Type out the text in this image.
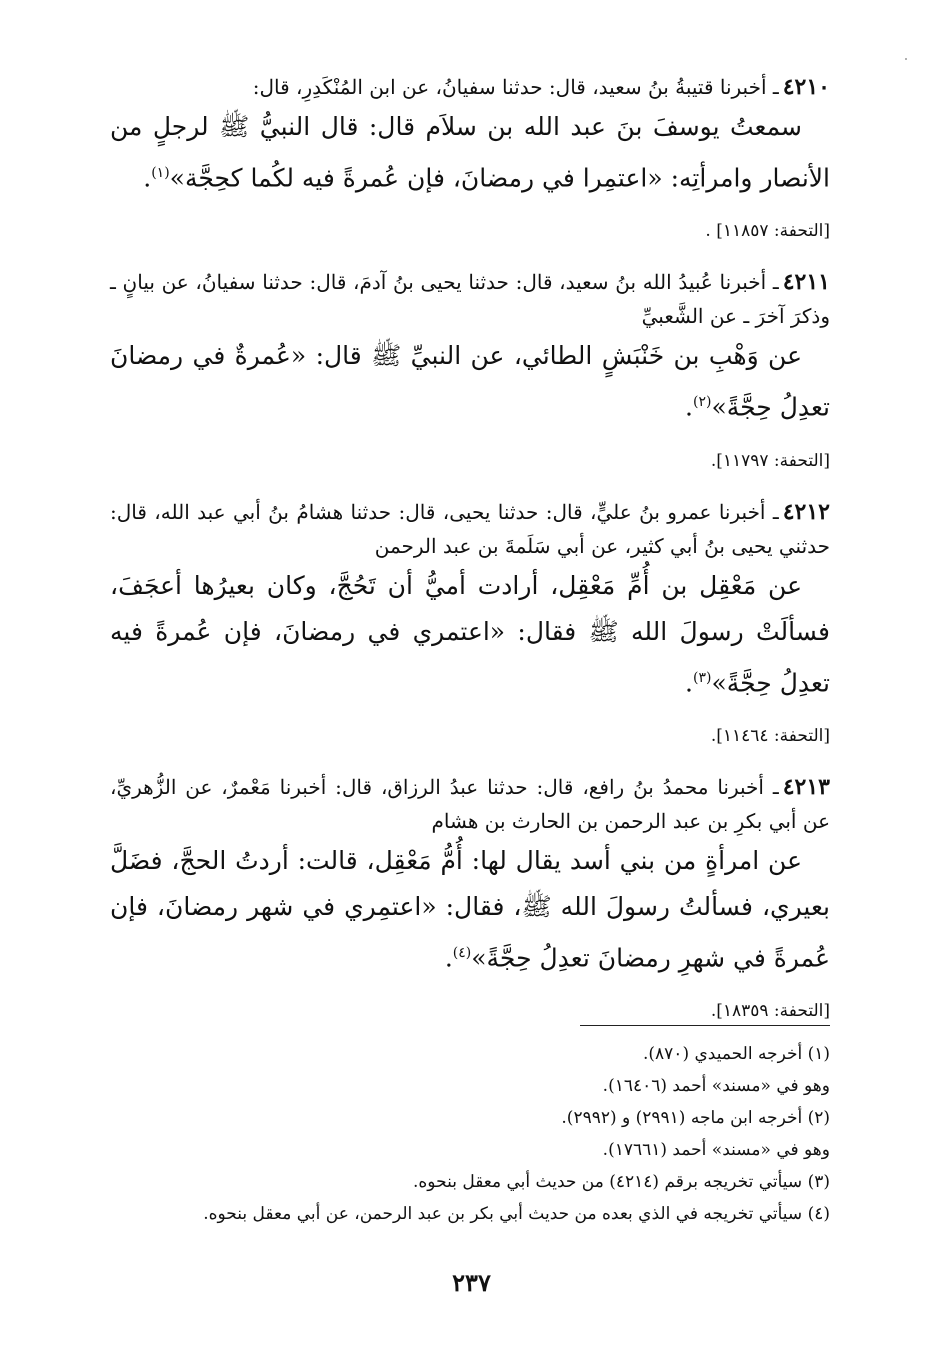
٤٢١٠ـ أخبرنا قتيبةُ بنُ سعيد، قال: حدثنا سفيانُ، عن ابن المُنْكَدِرِ، قال:

سمعتُ يوسفَ بنَ عبد الله بن سلاَم قال: قال النبيُّ ﷺ لرجلٍ من الأنصار وامرأتِه: «اعتمِرا في رمضانَ، فإن عُمرةً فيه لكُما كحِجَّة»$^{(١)}$.

[التحفة: ١١٨٥٧] .

٤٢١١ـ أخبرنا عُبيدُ الله بنُ سعيد، قال: حدثنا يحيى بنُ آدمَ، قال: حدثنا سفيانُ، عن بيانٍ ـ وذكرَ آخرَ ـ عن الشَّعبيِّ

عن وَهْبِ بن خَنْبَشٍ الطائي، عن النبيِّ ﷺ قال: «عُمرةٌ في رمضانَ تعدِلُ حِجَّةً»$^{(٢)}$.

[التحفة: ١١٧٩٧].

٤٢١٢ـ أخبرنا عمرو بنُ عليٍّ، قال: حدثنا يحيى، قال: حدثنا هشامُ بنُ أبي عبد الله، قال: حدثني يحيى بنُ أبي كثير، عن أبي سَلَمةَ بن عبد الرحمن

عن مَعْقِل بن أُمِّ مَعْقِل، أرادت أميُّ أن تَحُجَّ، وكان بعيرُها أعجَفَ، فسألَتْ رسولَ الله ﷺ فقال: «اعتمري في رمضانَ، فإن عُمرةً فيه تعدِلُ حِجَّةً»$^{(٣)}$.

[التحفة: ١١٤٦٤].

٤٢١٣ـ أخبرنا محمدُ بنُ رافع، قال: حدثنا عبدُ الرزاق، قال: أخبرنا مَعْمرٌ، عن الزُّهريِّ، عن أبي بكرِ بن عبد الرحمن بن الحارث بن هشام

عن امرأةٍ من بني أسد يقال لها: أُمُّ مَعْقِل، قالت: أردتُ الحجَّ، فضَلَّ بعيري، فسألتُ رسولَ الله ﷺ، فقال: «اعتمِري في شهر رمضانَ، فإن عُمرةً في شهرِ رمضانَ تعدِلُ حِجَّةً»$^{(٤)}$.

[التحفة: ١٨٣٥٩].

(١) أخرجه الحميدي (٨٧٠).
وهو في «مسند» أحمد (١٦٤٠٦).
(٢) أخرجه ابن ماجه (٢٩٩١) و (٢٩٩٢).
وهو في «مسند» أحمد (١٧٦٦١).
(٣) سيأتي تخريجه برقم (٤٢١٤) من حديث أبي معقل بنحوه.
(٤) سيأتي تخريجه في الذي بعده من حديث أبي بكر بن عبد الرحمن، عن أبي معقل بنحوه.
٢٣٧
